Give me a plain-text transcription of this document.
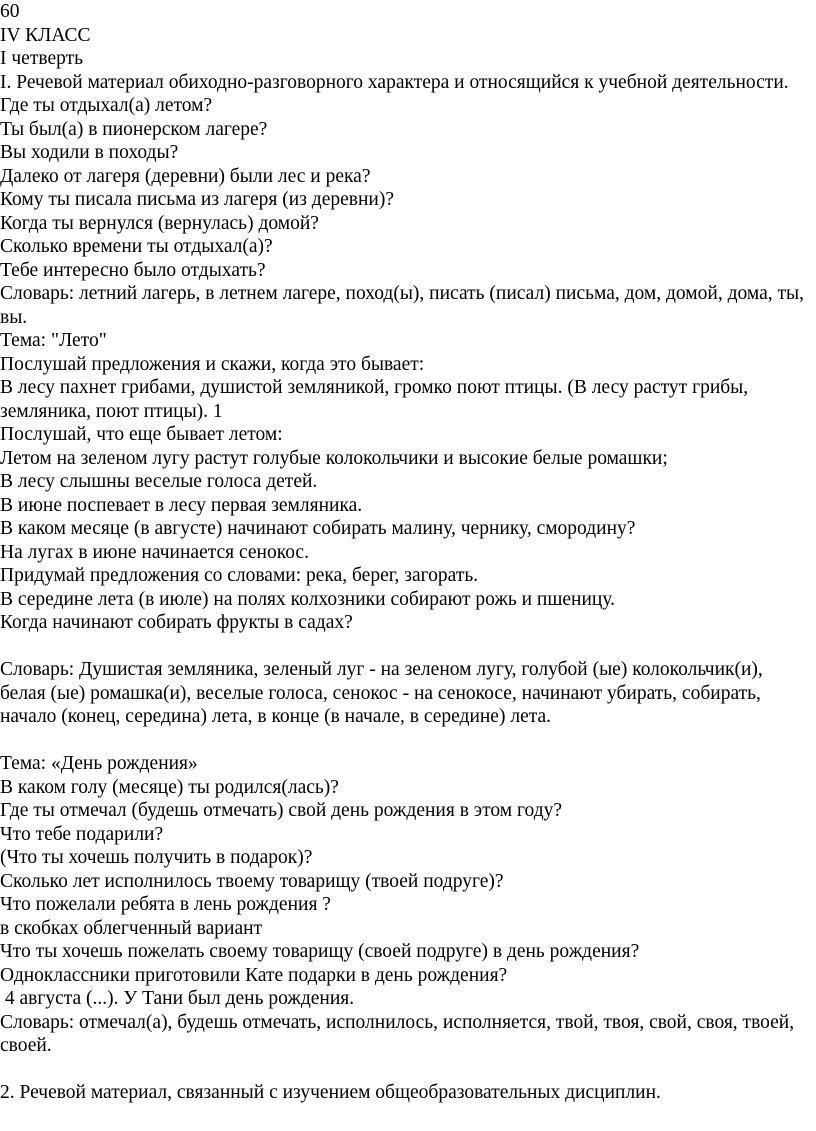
60

IV КЛАСС

I четверть

I. Речевой материал обиходно-разговорного характера и относящийся к учебной деятельности.

Где ты отдыхал(а) летом?

Ты был(а) в пионерском лагере?

Вы ходили в походы?

Далеко от лагеря (деревни) были лес и река?

Кому ты писала письма из лагеря (из деревни)?

Когда ты вернулся (вернулась) домой?

Сколько времени ты отдыхал(а)?

Тебе интересно было отдыхать?

Словарь: летний лагерь, в летнем лагере, поход(ы), писать (писал) письма, дом, домой, дома, ты, вы.

Тема: "Лето"

Послушай предложения и скажи, когда это бывает:

В лесу пахнет грибами, душистой земляникой, громко поют птицы. (В лесу растут грибы, земляника, поют птицы). 1

Послушай, что еще бывает летом:

Летом на зеленом лугу растут голубые колокольчики и высокие белые ромашки;

В лесу слышны веселые голоса детей.

В июне поспевает в лесу первая земляника.

В каком месяце (в августе) начинают собирать малину, чернику, смородину?

На лугах в июне начинается сенокос.

Придумай предложения со словами: река, берег, загорать.

В середине лета (в июле) на полях колхозники собирают рожь и пшеницу.

Когда начинают собирать фрукты в садах?

Словарь: Душистая земляника, зеленый луг - на зеленом лугу, голубой (ые) колокольчик(и), белая (ые) ромашка(и), веселые голоса, сенокос - на сенокосе, начинают убирать, собирать, начало (конец, середина) лета, в конце (в начале, в середине) лета.

Тема: «День рождения»

В каком голу (месяце) ты родился(лась)?

Где ты отмечал (будешь отмечать) свой день рождения в этом году?

Что тебе подарили?

(Что ты хочешь получить в подарок)?

Сколько лет исполнилось твоему товарищу (твоей подруге)?

Что пожелали ребята в лень рождения ?

в скобках облегченный вариант

Что ты хочешь пожелать своему товарищу (своей подруге) в день рождения?

Одноклассники приготовили Кате подарки в день рождения?

4 августа (...). У Тани был день рождения.

Словарь: отмечал(а), будешь отмечать, исполнилось, исполняется, твой, твоя, свой, своя, твоей, своей.

2. Речевой материал, связанный с изучением общеобразовательных дисциплин.
